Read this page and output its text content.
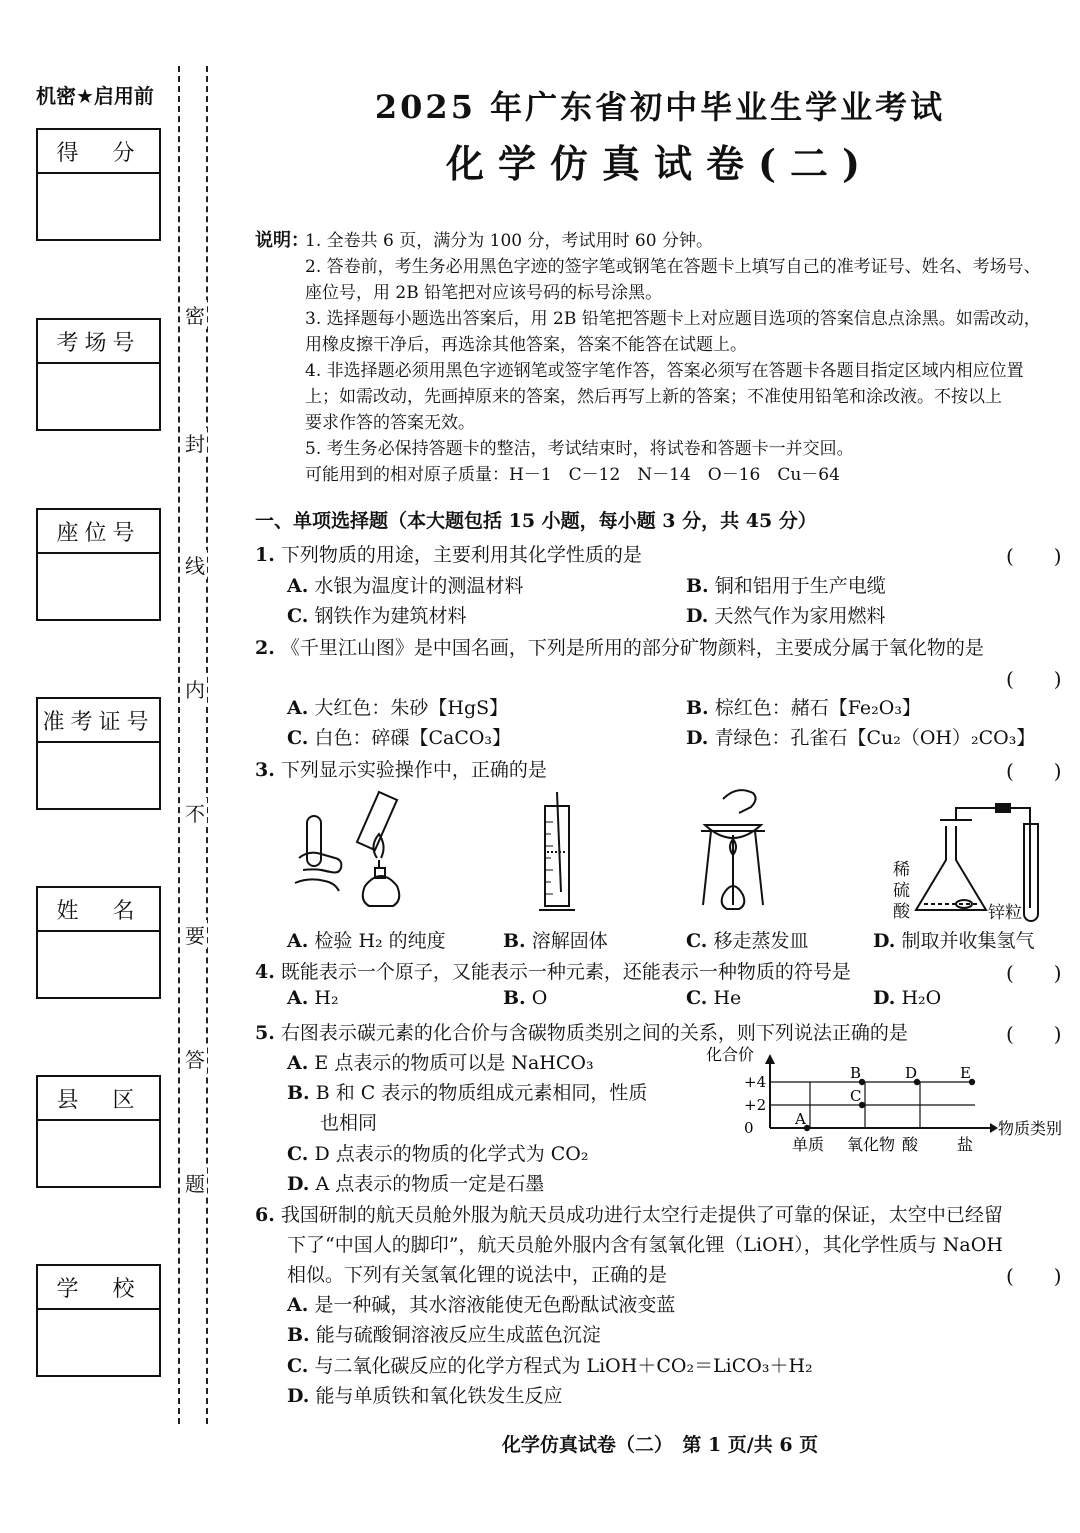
机密★启用前
得　分
考场号
座位号
准考证号
姓　名
县　区
学　校
密
封
线
内
不
要
答
题
2025 年广东省初中毕业生学业考试
化学仿真试卷(二)
说明：
1. 全卷共 6 页，满分为 100 分，考试用时 60 分钟。
2. 答卷前，考生务必用黑色字迹的签字笔或钢笔在答题卡上填写自己的准考证号、姓名、考场号、
座位号，用 2B 铅笔把对应该号码的标号涂黑。
3. 选择题每小题选出答案后，用 2B 铅笔把答题卡上对应题目选项的答案信息点涂黑。如需改动，
用橡皮擦干净后，再选涂其他答案，答案不能答在试题上。
4. 非选择题必须用黑色字迹钢笔或签字笔作答，答案必须写在答题卡各题目指定区域内相应位置
上；如需改动，先画掉原来的答案，然后再写上新的答案；不准使用铅笔和涂改液。不按以上
要求作答的答案无效。
5. 考生务必保持答题卡的整洁，考试结束时，将试卷和答题卡一并交回。
可能用到的相对原子质量：H－1　C－12　N－14　O－16　Cu－64
一、单项选择题（本大题包括 15 小题，每小题 3 分，共 45 分）
1. 下列物质的用途，主要利用其化学性质的是	(　　)
A. 水银为温度计的测温材料	B. 铜和铝用于生产电缆
C. 钢铁作为建筑材料	D. 天然气作为家用燃料
2. 《千里江山图》是中国名画，下列是所用的部分矿物颜料，主要成分属于氧化物的是
(　　)
A. 大红色：朱砂【HgS】	B. 棕红色：赭石【Fe₂O₃】
C. 白色：碎磲【CaCO₃】	D. 青绿色：孔雀石【Cu₂（OH）₂CO₃】
3. 下列显示实验操作中，正确的是	(　　)
稀
硫
酸	锌粒
A. 检验 H₂ 的纯度	B. 溶解固体	C. 移走蒸发皿	D. 制取并收集氢气
4. 既能表示一个原子，又能表示一种元素，还能表示一种物质的符号是	(　　)
A. H₂	B. O	C. He	D. H₂O
5. 右图表示碳元素的化合价与含碳物质类别之间的关系，则下列说法正确的是	(　　)
A. E 点表示的物质可以是 NaHCO₃
B. B 和 C 表示的物质组成元素相同，性质
也相同
C. D 点表示的物质的化学式为 CO₂
D. A 点表示的物质一定是石墨
化合价
物质类别
+4
+2
0
单质 氧化物 酸 盐
A
B
C
D	E
6. 我国研制的航天员舱外服为航天员成功进行太空行走提供了可靠的保证，太空中已经留
下了“中国人的脚印”，航天员舱外服内含有氢氧化锂（LiOH），其化学性质与 NaOH
相似。下列有关氢氧化锂的说法中，正确的是	(　　)
A. 是一种碱，其水溶液能使无色酚酞试液变蓝
B. 能与硫酸铜溶液反应生成蓝色沉淀
C. 与二氧化碳反应的化学方程式为 LiOH＋CO₂＝LiCO₃＋H₂
D. 能与单质铁和氧化铁发生反应
化学仿真试卷（二）　第 1 页/共 6 页
